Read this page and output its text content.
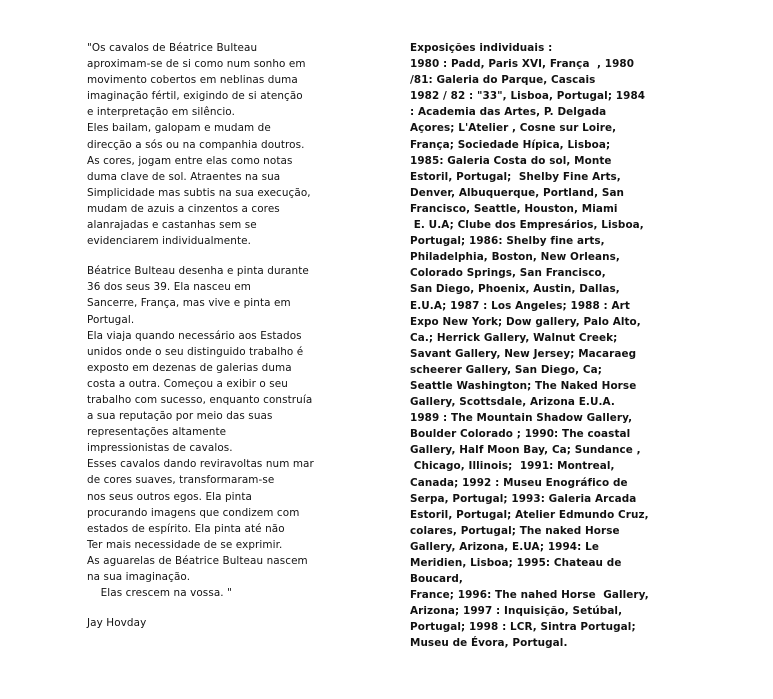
"Os cavalos de Béatrice Bulteau
aproximam-se de si como num sonho em
movimento cobertos em neblinas duma
imaginação fértil, exigindo de si atenção
e interpretação em silêncio.
Eles bailam, galopam e mudam de
direcção a sós ou na companhia doutros.
As cores, jogam entre elas como notas
duma clave de sol. Atraentes na sua
Simplicidade mas subtis na sua execução,
mudam de azuis a cinzentos a cores
alanrajadas e castanhas sem se
evidenciarem individualmente.
Béatrice Bulteau desenha e pinta durante
36 dos seus 39. Ela nasceu em
Sancerre, França, mas vive e pinta em
Portugal.
Ela viaja quando necessário aos Estados
unidos onde o seu distinguido trabalho é
exposto em dezenas de galerias duma
costa a outra. Começou a exibir o seu
trabalho com sucesso, enquanto construía
a sua reputação por meio das suas
representações altamente
impressionistas de cavalos.
Esses cavalos dando reviravoltas num mar
de cores suaves, transformaram-se
nos seus outros egos. Ela pinta
procurando imagens que condizem com
estados de espírito. Ela pinta até não
Ter mais necessidade de se exprimir.
As aguarelas de Béatrice Bulteau nascem
na sua imaginação.
Elas crescem na vossa. "
Jay Hovday
Exposições individuais :
1980 : Padd, Paris XVI, França  , 1980
/81: Galeria do Parque, Cascais
1982 / 82 : "33", Lisboa, Portugal; 1984
: Academia das Artes, P. Delgada
Açores; L'Atelier , Cosne sur Loire,
França; Sociedade Hípica, Lisboa;
1985: Galeria Costa do sol, Monte
Estoril, Portugal;  Shelby Fine Arts,
Denver, Albuquerque, Portland, San
Francisco, Seattle, Houston, Miami
E. U.A; Clube dos Empresários, Lisboa,
Portugal; 1986: Shelby fine arts,
Philadelphia, Boston, New Orleans,
Colorado Springs, San Francisco,
San Diego, Phoenix, Austin, Dallas,
E.U.A; 1987 : Los Angeles; 1988 : Art
Expo New York; Dow gallery, Palo Alto,
Ca.; Herrick Gallery, Walnut Creek;
Savant Gallery, New Jersey; Macaraeg
scheerer Gallery, San Diego, Ca;
Seattle Washington; The Naked Horse
Gallery, Scottsdale, Arizona E.U.A.
1989 : The Mountain Shadow Gallery,
Boulder Colorado ; 1990: The coastal
Gallery, Half Moon Bay, Ca; Sundance ,
Chicago, Illinois;  1991: Montreal,
Canada; 1992 : Museu Enográfico de
Serpa, Portugal; 1993: Galeria Arcada
Estoril, Portugal; Atelier Edmundo Cruz,
colares, Portugal; The naked Horse
Gallery, Arizona, E.UA; 1994: Le
Meridien, Lisboa; 1995: Chateau de
Boucard,
France; 1996: The nahed Horse  Gallery,
Arizona; 1997 : Inquisição, Setúbal,
Portugal; 1998 : LCR, Sintra Portugal;
Museu de Évora, Portugal.
